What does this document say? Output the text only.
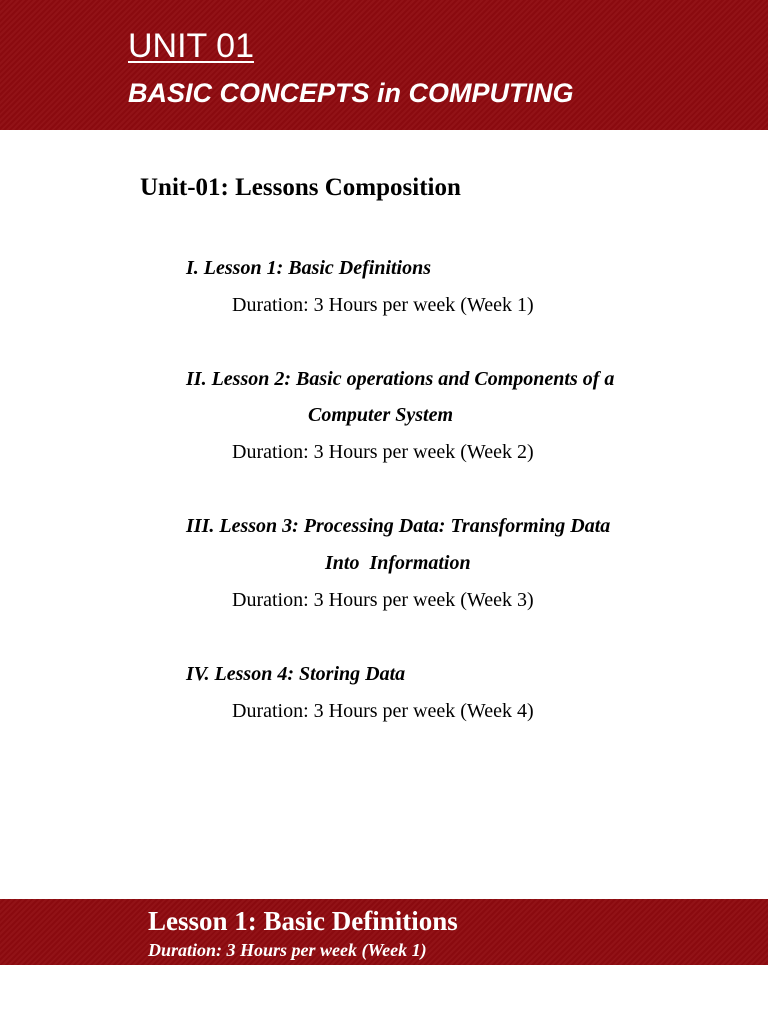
UNIT 01
BASIC CONCEPTS in COMPUTING
Unit-01: Lessons Composition
I. Lesson 1: Basic Definitions
Duration: 3 Hours per week (Week 1)
II. Lesson 2: Basic operations and Components of a
Computer System
Duration: 3 Hours per week (Week 2)
III. Lesson 3: Processing Data: Transforming Data
Into  Information
Duration: 3 Hours per week (Week 3)
IV. Lesson 4: Storing Data
Duration: 3 Hours per week (Week 4)
Lesson 1: Basic Definitions
Duration: 3 Hours per week (Week 1)
